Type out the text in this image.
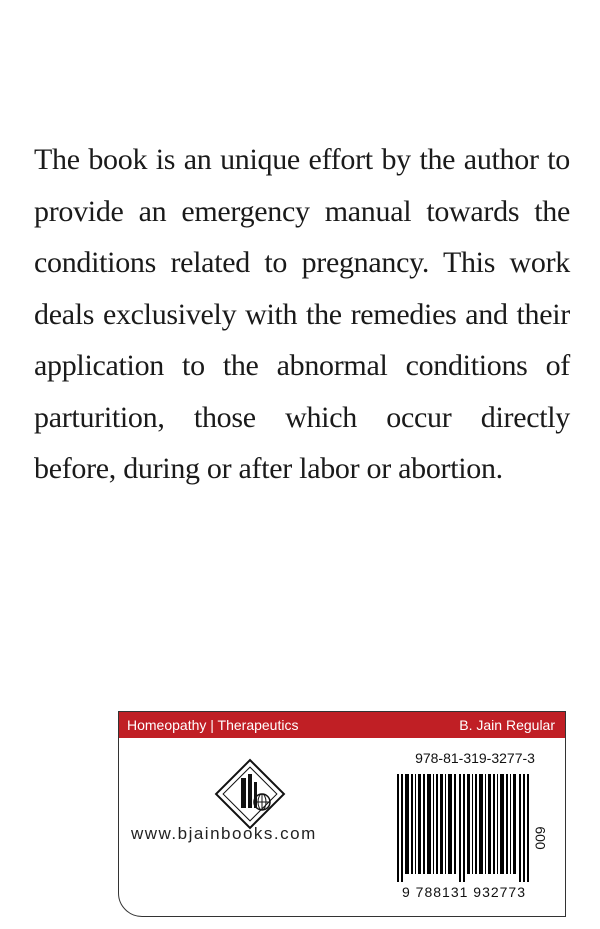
The book is an unique effort by the author to provide an emergency manual towards the conditions related to pregnancy. This work deals exclusively with the remedies and their application to the abnormal conditions of parturition, those which occur directly before, during or after labor or abortion.

Homeopathy | Therapeutics	B. Jain Regular
www.bjainbooks.com
978-81-319-3277-3
600
9 788131 932773
